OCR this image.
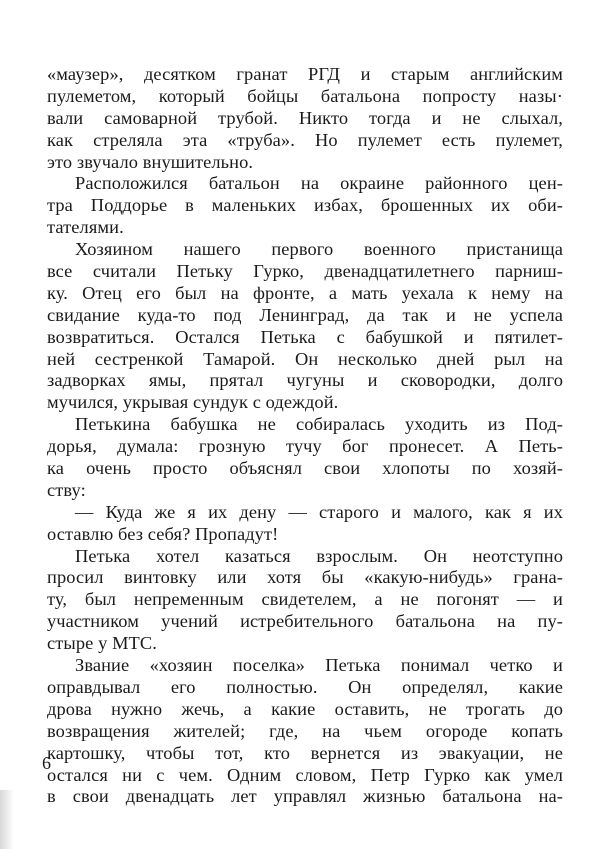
«маузер», десятком гранат РГД и старым английским
пулеметом, который бойцы батальона попросту назы·
вали самоварной трубой. Никто тогда и не слыхал,
как стреляла эта «труба». Но пулемет есть пулемет,
это звучало внушительно.
Расположился батальон на окраине районного цен-
тра Поддорье в маленьких избах, брошенных их оби-
тателями.
Хозяином нашего первого военного пристанища
все считали Петьку Гурко, двенадцатилетнего парниш-
ку. Отец его был на фронте, а мать уехала к нему на
свидание куда-то под Ленинград, да так и не успела
возвратиться. Остался Петька с бабушкой и пятилет-
ней сестренкой Тамарой. Он несколько дней рыл на
задворках ямы, прятал чугуны и сковородки, долго
мучился, укрывая сундук с одеждой.
Петькина бабушка не собиралась уходить из Под-
дорья, думала: грозную тучу бог пронесет. А Петь-
ка очень просто объяснял свои хлопоты по хозяй-
ству:
— Куда же я их дену — старого и малого, как я их
оставлю без себя? Пропадут!
Петька хотел казаться взрослым. Он неотступно
просил винтовку или хотя бы «какую-нибудь» грана-
ту, был непременным свидетелем, а не погонят — и
участником учений истребительного батальона на пу-
стыре у МТС.
Звание «хозяин поселка» Петька понимал четко и
оправдывал его полностью. Он определял, какие
дрова нужно жечь, а какие оставить, не трогать до
возвращения жителей; где, на чьем огороде копать
картошку, чтобы тот, кто вернется из эвакуации, не
остался ни с чем. Одним словом, Петр Гурко как умел
в свои двенадцать лет управлял жизнью батальона на-
6
